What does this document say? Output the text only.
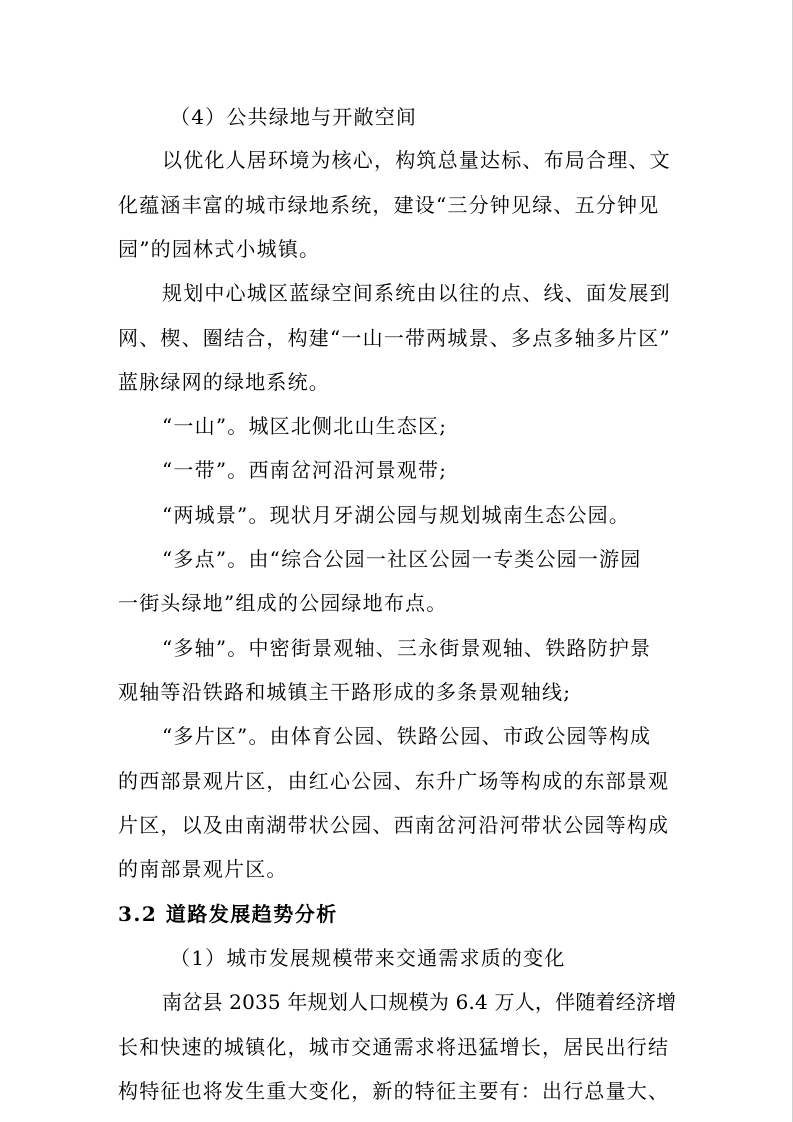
（4）公共绿地与开敞空间
以优化人居环境为核心，构筑总量达标、布局合理、文
化蕴涵丰富的城市绿地系统，建设“三分钟见绿、五分钟见
园”的园林式小城镇。
规划中心城区蓝绿空间系统由以往的点、线、面发展到
网、楔、圈结合，构建“一山一带两城景、多点多轴多片区”
蓝脉绿网的绿地系统。
“一山”。城区北侧北山生态区;
“一带”。西南岔河沿河景观带;
“两城景”。现状月牙湖公园与规划城南生态公园。
“多点”。由“综合公园一社区公园一专类公园一游园
一街头绿地”组成的公园绿地布点。
“多轴”。中密街景观轴、三永街景观轴、铁路防护景
观轴等沿铁路和城镇主干路形成的多条景观轴线;
“多片区”。由体育公园、铁路公园、市政公园等构成
的西部景观片区，由红心公园、东升广场等构成的东部景观
片区，以及由南湖带状公园、西南岔河沿河带状公园等构成
的南部景观片区。
3.2 道路发展趋势分析
（1）城市发展规模带来交通需求质的变化
南岔县 2035 年规划人口规模为 6.4 万人，伴随着经济增
长和快速的城镇化，城市交通需求将迅猛增长，居民出行结
构特征也将发生重大变化，新的特征主要有：出行总量大、
